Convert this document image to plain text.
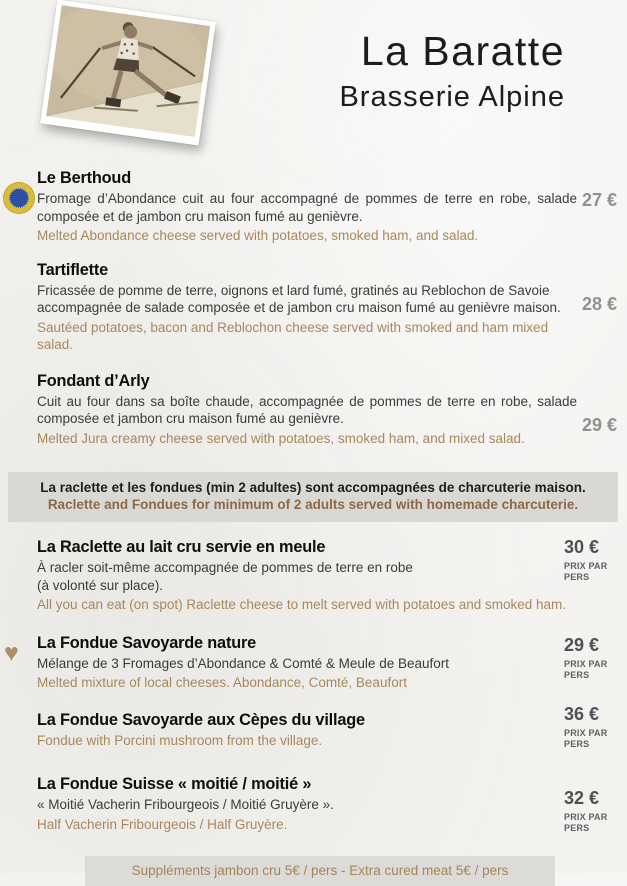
La Baratte
Brasserie Alpine
Le Berthoud

Fromage d’Abondance cuit au four accompagné de pommes de terre en robe, salade composée et de jambon cru maison fumé au genièvre.

Melted Abondance cheese served with potatoes, smoked ham, and salad.

27 €
Tartiflette

Fricassée de pomme de terre, oignons et lard fumé, gratinés au Reblochon de Savoie accompagnée de salade composée et de jambon cru maison fumé au genièvre maison.

Sautéed potatoes, bacon and Reblochon cheese served with smoked and ham mixed salad.

28 €
Fondant d’Arly

Cuit au four dans sa boîte chaude, accompagnée de pommes de terre en robe, salade composée et jambon cru maison fumé au genièvre.

Melted Jura creamy cheese served with potatoes, smoked ham, and mixed salad.

29 €
La raclette et les fondues (min 2 adultes) sont accompagnées de charcuterie maison.
Raclette and Fondues for minimum of 2 adults served with homemade charcuterie.
La Raclette au lait cru servie en meule

À racler soit-même accompagnée de pommes de terre en robe
(à volonté sur place).

All you can eat (on spot) Raclette cheese to melt served with potatoes and smoked ham.

30 €
PRIX PAR PERS
♥ La Fondue Savoyarde nature

Mélange de 3 Fromages d’Abondance & Comté & Meule de Beaufort

Melted mixture of local cheeses. Abondance, Comté, Beaufort

29 €
PRIX PAR PERS
La Fondue Savoyarde aux Cèpes du village

Fondue with Porcini mushroom from the village.

36 €
PRIX PAR PERS
La Fondue Suisse « moitié / moitié »

« Moitié Vacherin Fribourgeois / Moitié Gruyère ».

Half Vacherin Fribourgeois / Half Gruyère.

32 €
PRIX PAR PERS
Suppléments jambon cru 5€ / pers - Extra cured meat 5€ / pers
